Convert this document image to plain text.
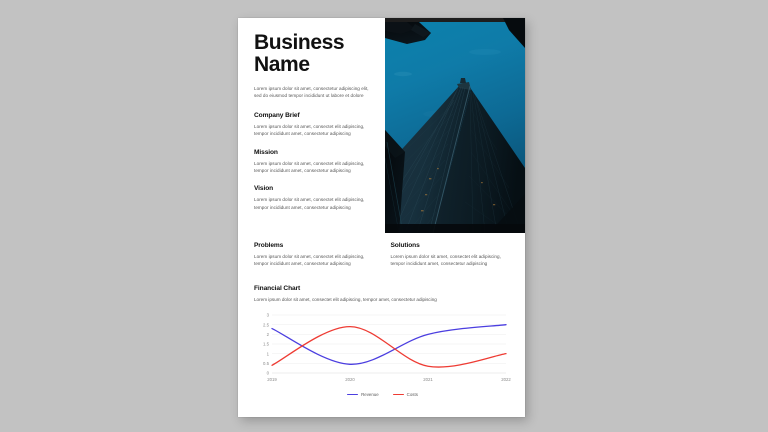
Business
Name

Lorem ipsum dolor sit amet, consectetur adipiscing elit, sed do eiusmod tempor incididunt ut labore et dolore

Company Brief

Lorem ipsum dolor sit amet, consectet elit adipiscing, tempor incididunt amet, consectetur adipiscing

Mission

Lorem ipsum dolor sit amet, consectet elit adipiscing, tempor incididunt amet, consectetur adipiscing

Vision

Lorem ipsum dolor sit amet, consectet elit adipiscing, tempor incididunt amet, consectetur adipiscing

Problems

Lorem ipsum dolor sit amet, consectet elit adipiscing, tempor incididunt amet, consectetur adipiscing

Solutions

Lorem ipsum dolor sit amet, consectet elit adipiscing, tempor incididunt amet, consectetur adipiscing

Financial Chart

Lorem ipsum dolor sit amet, consectet elit adipiscing, tempor amet, consectetur adipiscing

0
0.5
1
1.5
2
2.5
3
2019	2020	2021	2022
Revenue	Costs
